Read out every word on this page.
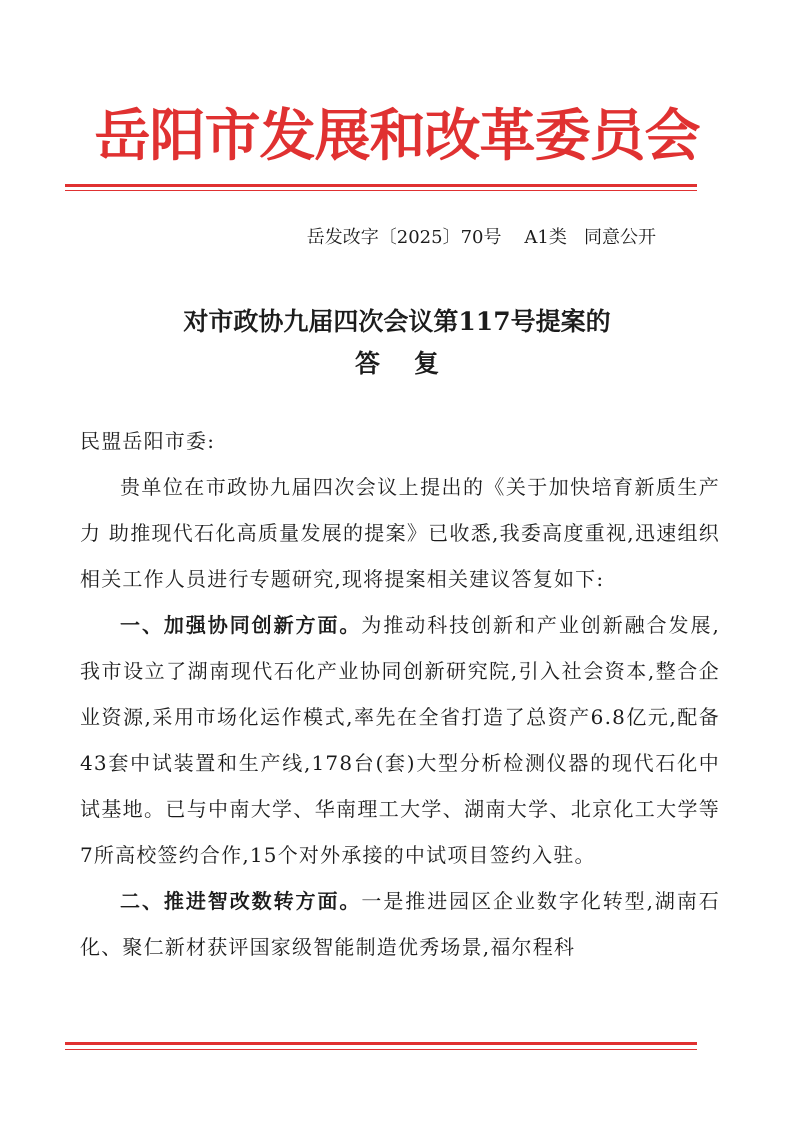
岳阳市发展和改革委员会
岳发改字〔2025〕70号    A1类   同意公开
对市政协九届四次会议第117号提案的
答复

民盟岳阳市委:

贵单位在市政协九届四次会议上提出的《关于加快培育新质生产力 助推现代石化高质量发展的提案》已收悉,我委高度重视,迅速组织相关工作人员进行专题研究,现将提案相关建议答复如下:

一、加强协同创新方面。为推动科技创新和产业创新融合发展,我市设立了湖南现代石化产业协同创新研究院,引入社会资本,整合企业资源,采用市场化运作模式,率先在全省打造了总资产6.8亿元,配备43套中试装置和生产线,178台(套)大型分析检测仪器的现代石化中试基地。已与中南大学、华南理工大学、湖南大学、北京化工大学等7所高校签约合作,15个对外承接的中试项目签约入驻。

二、推进智改数转方面。一是推进园区企业数字化转型,湖南石化、聚仁新材获评国家级智能制造优秀场景,福尔程科
